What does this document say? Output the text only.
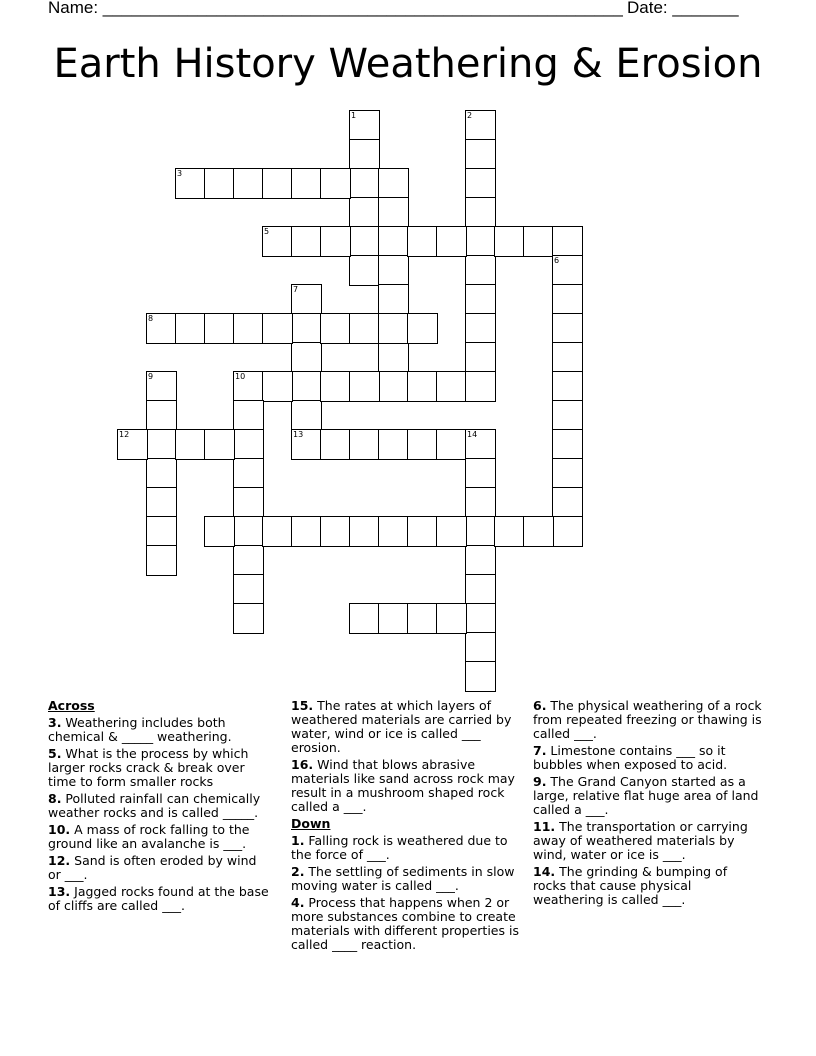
Name: _______________________________________________________ Date: _______
Earth History Weathering & Erosion
1	2
3
5
6
7
13
8
9	10
12	14
Across
3. Weathering includes both chemical & _____ weathering.
5. What is the process by which larger rocks crack & break over time to form smaller rocks
8. Polluted rainfall can chemically weather rocks and is called _____.
10. A mass of rock falling to the ground like an avalanche is ___.
12. Sand is often eroded by wind or ___.
13. Jagged rocks found at the base of cliffs are called ___.
15. The rates at which layers of weathered materials are carried by water, wind or ice is called ___ erosion.
16. Wind that blows abrasive materials like sand across rock may result in a mushroom shaped rock called a ___.
Down
1. Falling rock is weathered due to the force of ___.
2. The settling of sediments in slow moving water is called ___.
4. Process that happens when 2 or more substances combine to create materials with different properties is called ____ reaction.
6. The physical weathering of a rock from repeated freezing or thawing is called ___.
7. Limestone contains ___ so it bubbles when exposed to acid.
9. The Grand Canyon started as a large, relative flat huge area of land called a ___.
11. The transportation or carrying away of weathered materials by wind, water or ice is ___.
14. The grinding & bumping of rocks that cause physical weathering is called ___.
